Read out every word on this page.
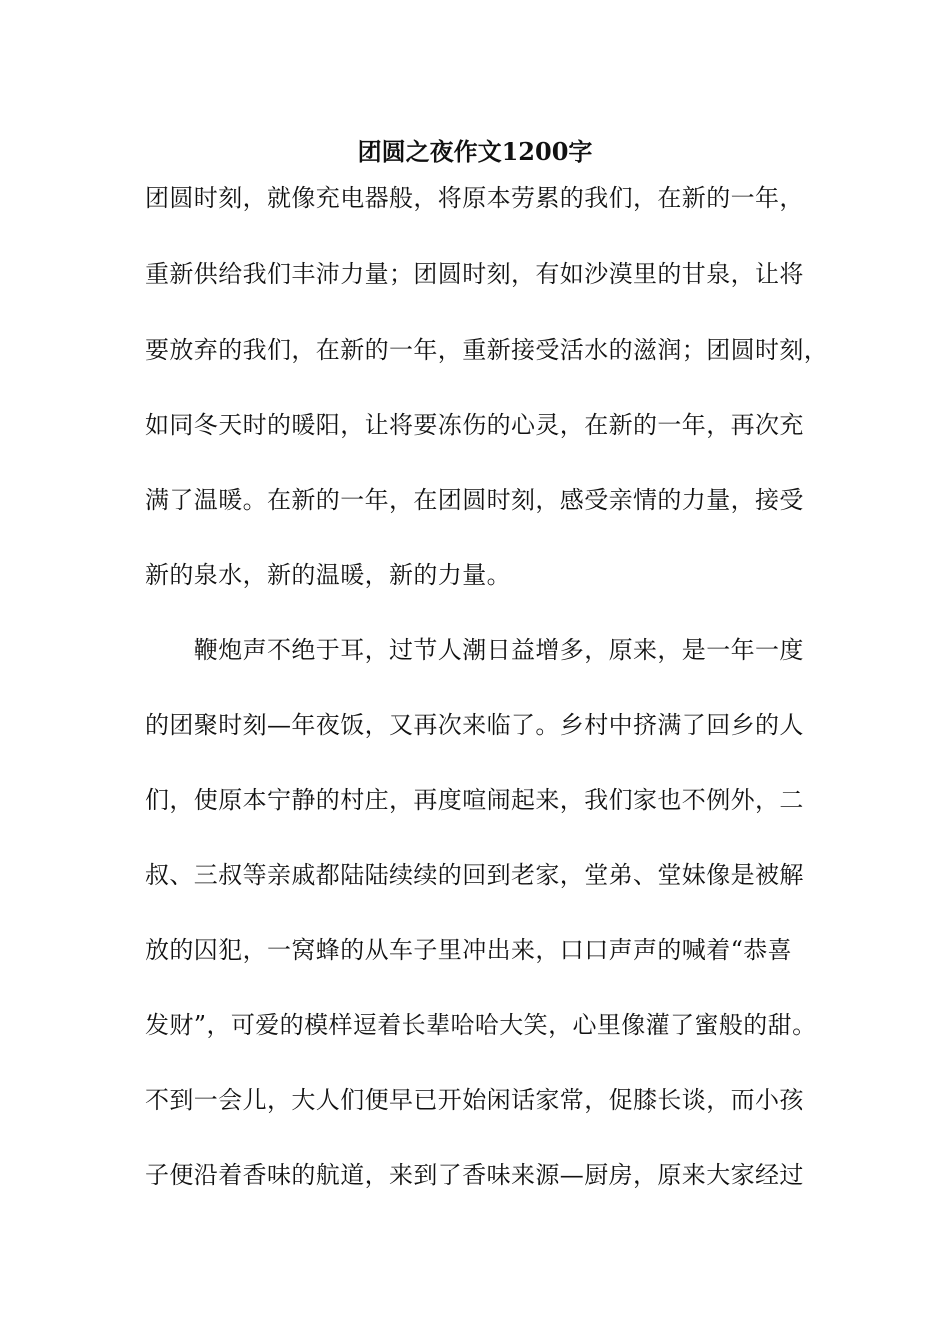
团圆之夜作文1200字
团圆时刻，就像充电器般，将原本劳累的我们，在新的一年，
重新供给我们丰沛力量；团圆时刻，有如沙漠里的甘泉，让将
要放弃的我们，在新的一年，重新接受活水的滋润；团圆时刻，
如同冬天时的暖阳，让将要冻伤的心灵，在新的一年，再次充
满了温暖。在新的一年，在团圆时刻，感受亲情的力量，接受
新的泉水，新的温暖，新的力量。
　　鞭炮声不绝于耳，过节人潮日益增多，原来，是一年一度
的团聚时刻—年夜饭，又再次来临了。乡村中挤满了回乡的人
们，使原本宁静的村庄，再度喧闹起来，我们家也不例外，二
叔、三叔等亲戚都陆陆续续的回到老家，堂弟、堂妹像是被解
放的囚犯，一窝蜂的从车子里冲出来，口口声声的喊着“恭喜
发财”，可爱的模样逗着长辈哈哈大笑，心里像灌了蜜般的甜。
不到一会儿，大人们便早已开始闲话家常，促膝长谈，而小孩
子便沿着香味的航道，来到了香味来源—厨房，原来大家经过
